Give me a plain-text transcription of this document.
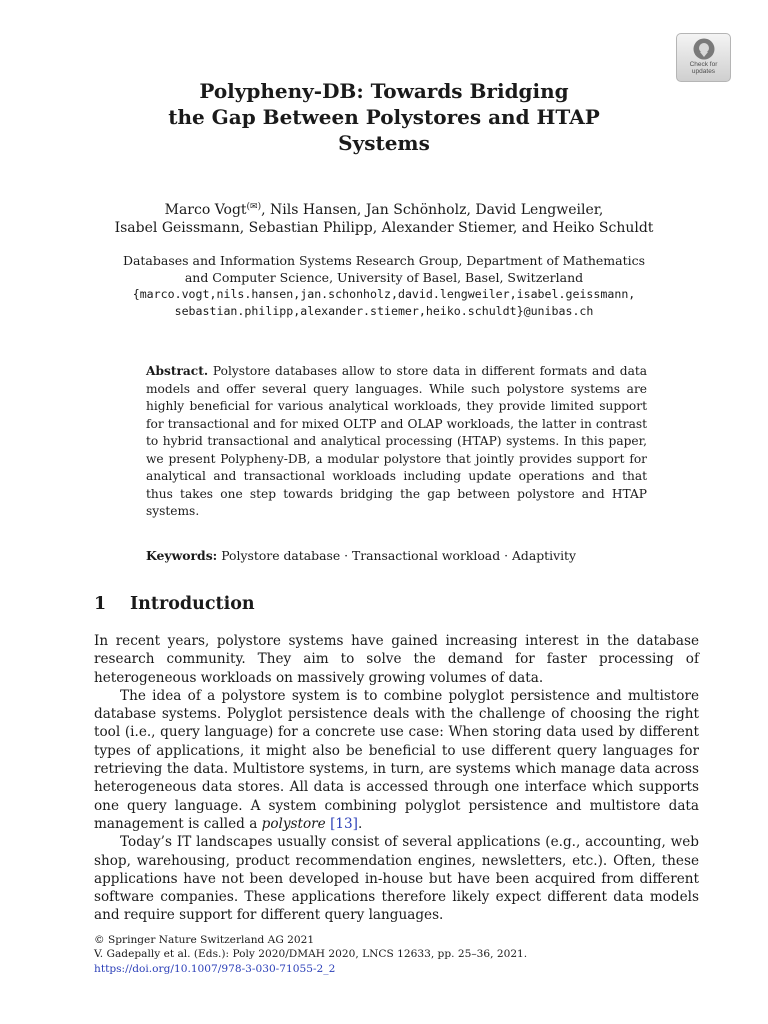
Check for
updates
Polypheny-DB: Towards Bridging
the Gap Between Polystores and HTAP
Systems
Marco Vogt(✉), Nils Hansen, Jan Schönholz, David Lengweiler,
Isabel Geissmann, Sebastian Philipp, Alexander Stiemer, and Heiko Schuldt
Databases and Information Systems Research Group, Department of Mathematics
and Computer Science, University of Basel, Basel, Switzerland
{marco.vogt,nils.hansen,jan.schonholz,david.lengweiler,isabel.geissmann,
sebastian.philipp,alexander.stiemer,heiko.schuldt}@unibas.ch
Abstract. Polystore databases allow to store data in different formats and data models and offer several query languages. While such polystore systems are highly beneficial for various analytical workloads, they provide limited support for transactional and for mixed OLTP and OLAP workloads, the latter in contrast to hybrid transactional and analytical processing (HTAP) systems. In this paper, we present Polypheny-DB, a modular polystore that jointly provides support for analytical and transactional workloads including update operations and that thus takes one step towards bridging the gap between polystore and HTAP systems.
Keywords: Polystore database · Transactional workload · Adaptivity
1 Introduction

In recent years, polystore systems have gained increasing interest in the database research community. They aim to solve the demand for faster processing of heterogeneous workloads on massively growing volumes of data.

The idea of a polystore system is to combine polyglot persistence and multistore database systems. Polyglot persistence deals with the challenge of choosing the right tool (i.e., query language) for a concrete use case: When storing data used by different types of applications, it might also be beneficial to use different query languages for retrieving the data. Multistore systems, in turn, are systems which manage data across heterogeneous data stores. All data is accessed through one interface which supports one query language. A system combining polyglot persistence and multistore data management is called a polystore [13].

Today’s IT landscapes usually consist of several applications (e.g., accounting, web shop, warehousing, product recommendation engines, newsletters, etc.). Often, these applications have not been developed in-house but have been acquired from different software companies. These applications therefore likely expect different data models and require support for different query languages.

© Springer Nature Switzerland AG 2021
V. Gadepally et al. (Eds.): Poly 2020/DMAH 2020, LNCS 12633, pp. 25–36, 2021.
https://doi.org/10.1007/978-3-030-71055-2_2
